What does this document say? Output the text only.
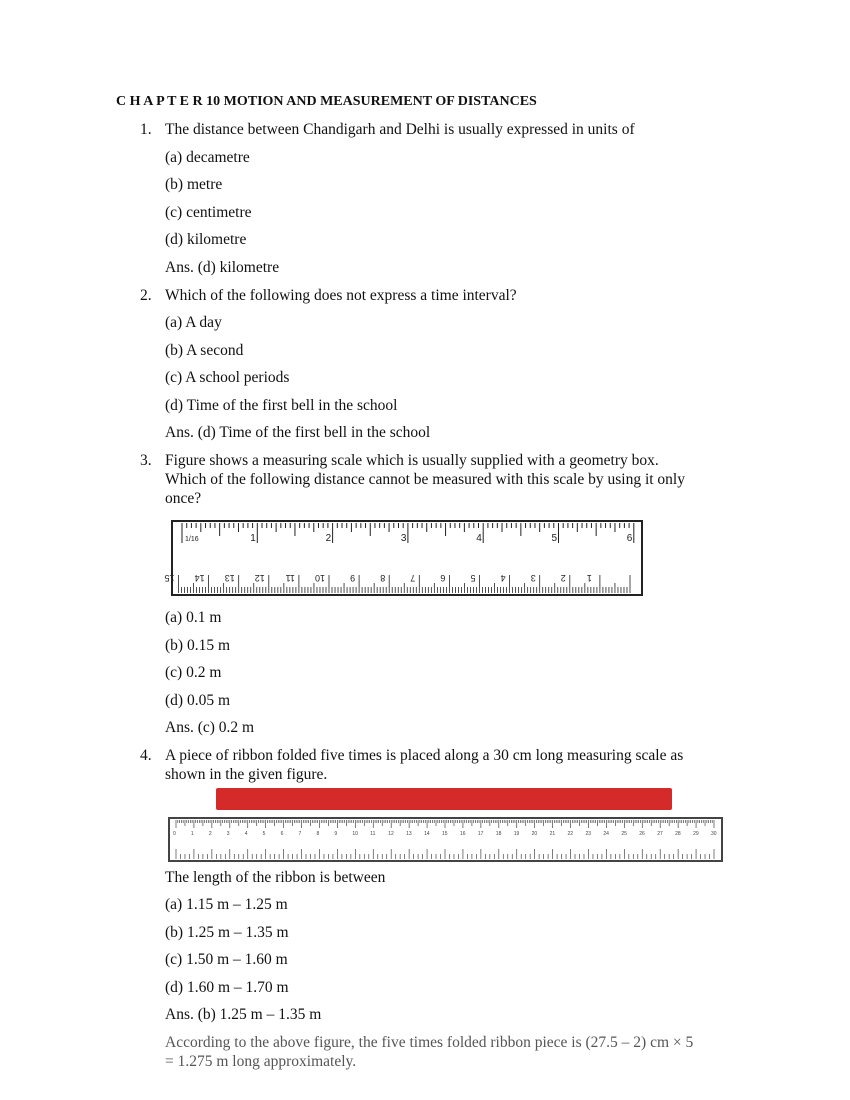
C H A P T E R 10 MOTION AND MEASUREMENT OF DISTANCES
1. The distance between Chandigarh and Delhi is usually expressed in units of
(a) decametre
(b) metre
(c) centimetre
(d) kilometre
Ans. (d) kilometre
2. Which of the following does not express a time interval?
(a) A day
(b) A second
(c) A school periods
(d) Time of the first bell in the school
Ans. (d) Time of the first bell in the school
3. Figure shows a measuring scale which is usually supplied with a geometry box.
Which of the following distance cannot be measured with this scale by using it only
once?
1/16	1	2	3	4	5	6
15 14 13 12 11 10	9	8	7	6	5	4	3	2 1
(a) 0.1 m
(b) 0.15 m
(c) 0.2 m
(d) 0.05 m
Ans. (c) 0.2 m
4. A piece of ribbon folded five times is placed along a 30 cm long measuring scale as
shown in the given figure.
0	1	2	3	4	5	6	7	8	9	10 11	12 13 14 15 16 17 18 19 20 21 22 23 24 25 26 27 28 29 30
The length of the ribbon is between
(a) 1.15 m – 1.25 m
(b) 1.25 m – 1.35 m
(c) 1.50 m – 1.60 m
(d) 1.60 m – 1.70 m
Ans. (b) 1.25 m – 1.35 m
According to the above figure, the five times folded ribbon piece is (27.5 – 2) cm × 5
= 1.275 m long approximately.
